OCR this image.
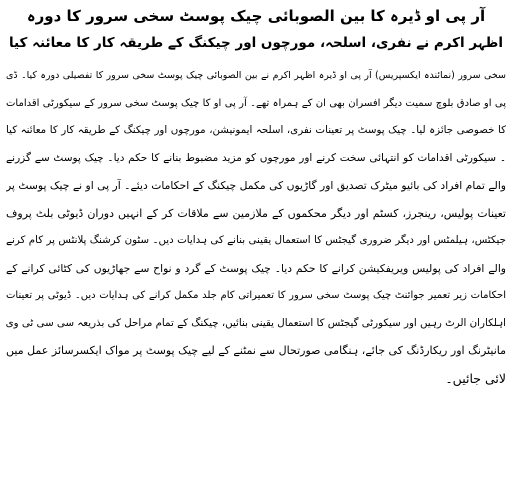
آر پی او ڈیرہ کا بین الصوبائی چیک پوسٹ سخی سرور کا دورہ
اظہر اکرم نے نفری، اسلحہ، مورچوں اور چیکنگ کے طریقہ کار کا معائنہ کیا

سخی سرور (نمائندہ ایکسپریس) آر پی او ڈیرہ اظہر اکرم نے بین الصوبائی چیک پوسٹ سخی سرور کا تفصیلی دورہ کیا۔ ڈی

پی او صادق بلوچ سمیت دیگر افسران بھی ان کے ہمراہ تھے۔ آر پی او کا چیک پوسٹ سخی سرور کے سیکورٹی اقدامات

کا خصوصی جائزہ لیا۔ چیک پوسٹ پر تعینات نفری، اسلحہ ایمونیشن، مورچوں اور چیکنگ کے طریقہ کار کا معائنہ کیا

۔ سیکورٹی اقدامات کو انتہائی سخت کرنے اور مورچوں کو مزید مضبوط بنانے کا حکم دیا۔ چیک پوسٹ سے گزرنے

والے تمام افراد کی بائیو میٹرک تصدیق اور گاڑیوں کی مکمل چیکنگ کے احکامات دیئے۔ آر پی او نے چیک پوسٹ پر

تعینات پولیس، رینجرز، کسٹم اور دیگر محکموں کے ملازمین سے ملاقات کر کے انہیں دوران ڈیوٹی بلٹ پروف

جیکٹس، ہیلمٹس اور دیگر ضروری گیجٹس کا استعمال یقینی بنانے کی ہدایات دیں۔ سٹون کرشنگ پلانٹس پر کام کرنے

والے افراد کی پولیس ویریفکیشن کرانے کا حکم دیا۔ چیک پوسٹ کے گرد و نواح سے جھاڑیوں کی کٹائی کرانے کے

احکامات زیر تعمیر جوائنٹ چیک پوسٹ سخی سرور کا تعمیراتی کام جلد مکمل کرانے کی ہدایات دیں۔ ڈیوٹی پر تعینات

اہلکاران الرٹ رہیں اور سیکورٹی گیجٹس کا استعمال یقینی بنائیں، چیکنگ کے تمام مراحل کی بذریعہ سی سی ٹی وی

مانیٹرنگ اور ریکارڈنگ کی جائے، ہنگامی صورتحال سے نمٹنے کے لیے چیک پوسٹ پر مواک ایکسرسائز عمل میں

لائی جائیں۔
